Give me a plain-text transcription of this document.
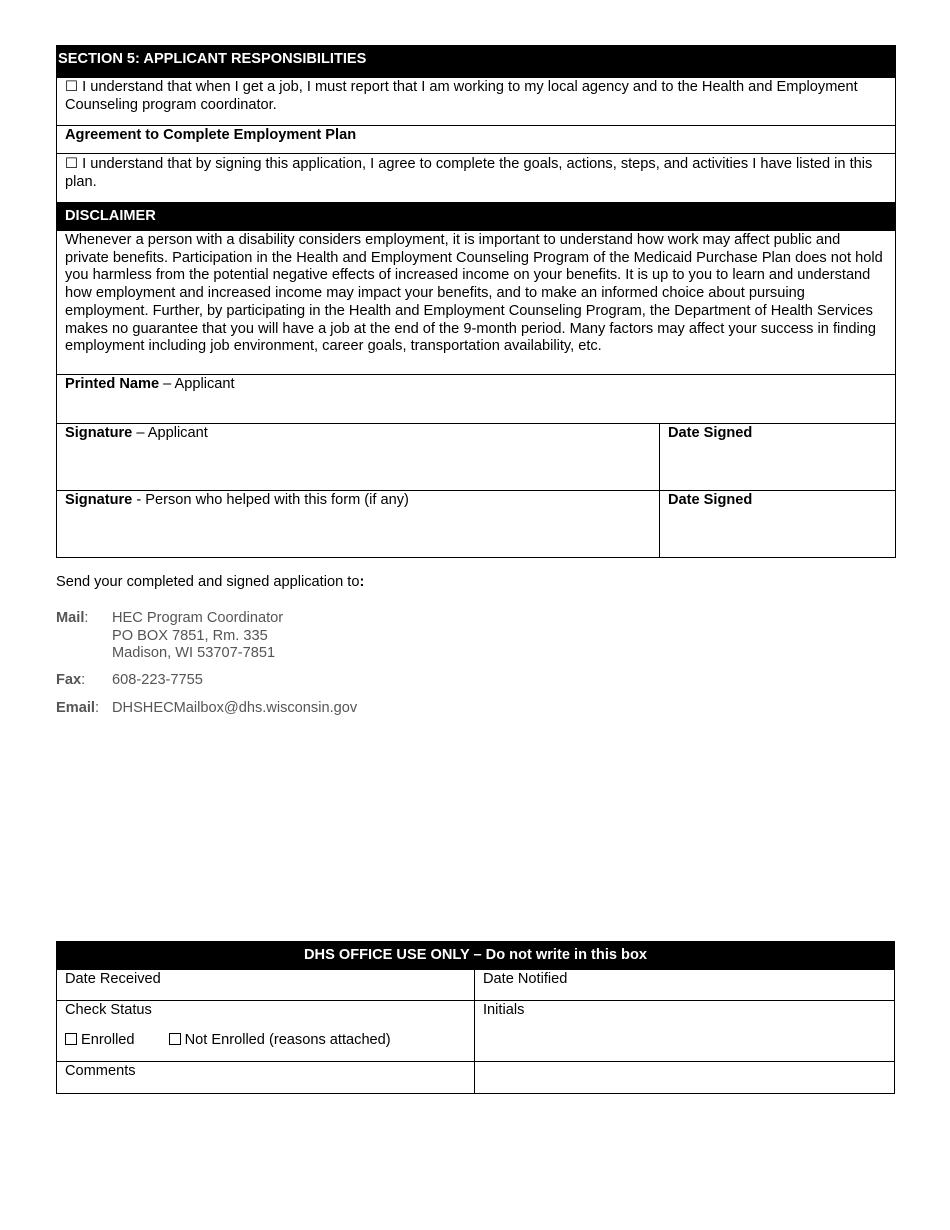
SECTION 5: APPLICANT RESPONSIBILITIES	
☐ I understand that when I get a job, I must report that I am working to my local agency and to the Health and Employment Counseling program coordinator.	
Agreement to Complete Employment Plan	
☐ I understand that by signing this application, I agree to complete the goals, actions, steps, and activities I have listed in this plan.	
DISCLAIMER	
Whenever a person with a disability considers employment, it is important to understand how work may affect public and private benefits. Participation in the Health and Employment Counseling Program of the Medicaid Purchase Plan does not hold you harmless from the potential negative effects of increased income on your benefits. It is up to you to learn and understand how employment and increased income may impact your benefits, and to make an informed choice about pursuing employment. Further, by participating in the Health and Employment Counseling Program, the Department of Health Services makes no guarantee that you will have a job at the end of the 9-month period. Many factors may affect your success in finding employment including job environment, career goals, transportation availability, etc.	
Printed Name – Applicant	
Signature – Applicant	Date Signed
Signature - Person who helped with this form (if any)	Date Signed
Send your completed and signed application to:
Mail: HEC Program Coordinator
PO BOX 7851, Rm. 335
Madison, WI 53707-7851
Fax: 608-223-7755
Email: DHSHECMailbox@dhs.wisconsin.gov
DHS OFFICE USE ONLY – Do not write in this box	
Date Received	Date Notified

Check Status
Enrolled Not Enrolled (reasons attached)	Initials
Comments	
